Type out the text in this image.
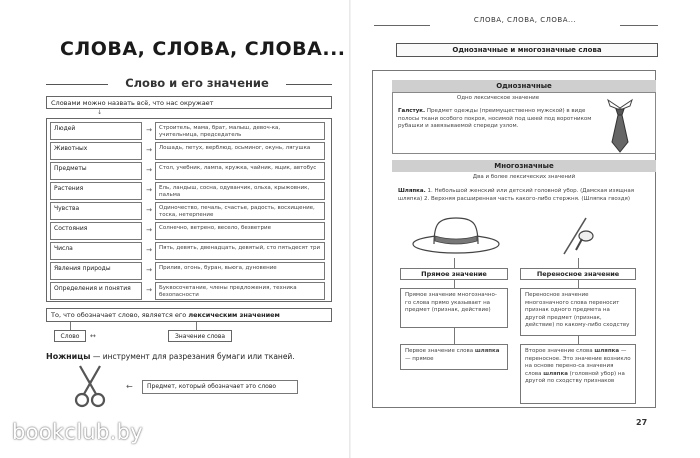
СЛОВА, СЛОВА, СЛОВА...
Слово и его значение
Словами можно назвать всё, что нас окружает
↓
Людей	→	Строитель, мама, брат, малыш, девоч-ка, учительница, председатель
Животных	→	Лошадь, петух, верблюд, осьминог, окунь, лягушка
Предметы	→	Стол, учебник, лампа, кружка, чайник, ящик, автобус
Растения	→	Ель, ландыш, сосна, одуванчик, ольха, крыжовник, пальма
Чувства	→	Одиночество, печаль, счастье, радость, восхищение, тоска, нетерпение
Состояния	→	Солнечно, ветрено, весело, безветрие
Числа	→	Пять, девять, двенадцать, девятый, сто пятьдесят три
Явления природы	→	Прилив, огонь, буран, вьюга, дуновение
Определения и понятия	→	Буквосочетание, члены предложения, техника безопасности
То, что обозначает слово, является его лексическим значением
Слово	↔	Значение слова
Ножницы — инструмент для разрезания бумаги или тканей.
←	Предмет, который обозначает это слово
bookclub.by
СЛОВА, СЛОВА, СЛОВА...
Однозначные и многозначные слова
Однозначные
Одно лексическое значение
Галстук. Предмет одежды (преимущественно мужской) в виде полосы ткани особого покроя, носимой под шеей под воротником рубашки и завязываемой спереди узлом.
Многозначные
Два и более лексических значений
Шляпка. 1. Небольшой женский или детский головной убор. (Дамская изящная шляпка) 2. Верхняя расширенная часть какого-либо стержня. (Шляпка гвоздя)
Прямое значение	Переносное значение
Прямое значение многозначно-го слова прямо указывает на предмет (признак, действие)
Переносное значение многозначного слова переносит признак одного предмета на другой предмет (признак, действие) по какому-либо сходству
Первое значение слова шляпка — прямое
Второе значение слова шляпка — переносное. Это значение возникло на основе перено-са значения слова шляпка (головной убор) на другой по сходству признаков
27
